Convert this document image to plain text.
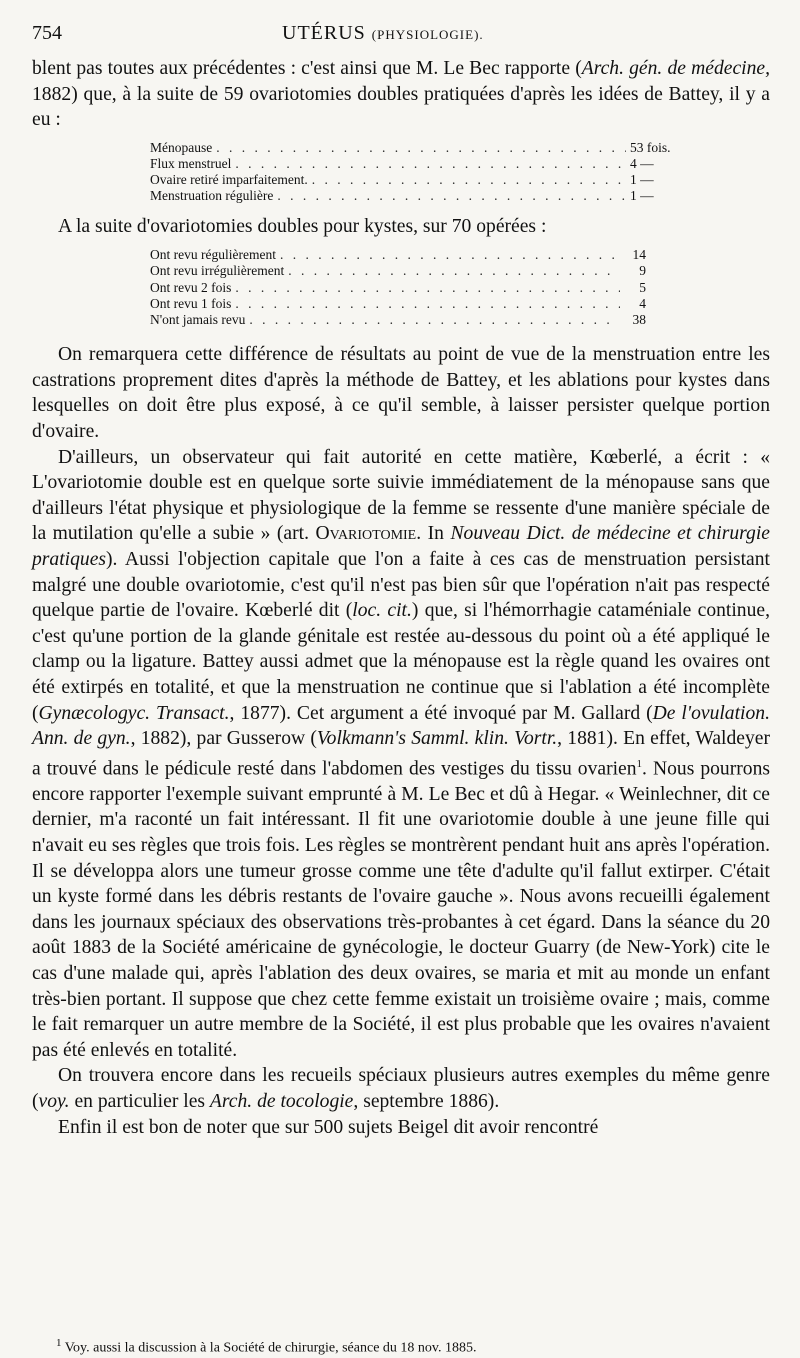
754	UTÉRUS (PHYSIOLOGIE).

blent pas toutes aux précédentes : c'est ainsi que M. Le Bec rapporte (Arch. gén. de médecine, 1882) que, à la suite de 59 ovariotomies doubles pratiquées d'après les idées de Battey, il y a eu :

Ménopause . . .	53 fois.
Flux menstruel . . .	4 —
Ovaire retiré imparfaitement. . . .	1 —
Menstruation régulière . . .	1 —

A la suite d'ovariotomies doubles pour kystes, sur 70 opérées :

Ont revu régulièrement . . .	14
Ont revu irrégulièrement . . .	9
Ont revu 2 fois . . .	5
Ont revu 1 fois . . .	4
N'ont jamais revu . . .	38

On remarquera cette différence de résultats au point de vue de la menstruation entre les castrations proprement dites d'après la méthode de Battey, et les ablations pour kystes dans lesquelles on doit être plus exposé, à ce qu'il semble, à laisser persister quelque portion d'ovaire.

D'ailleurs, un observateur qui fait autorité en cette matière, Kœberlé, a écrit : « L'ovariotomie double est en quelque sorte suivie immédiatement de la ménopause sans que d'ailleurs l'état physique et physiologique de la femme se ressente d'une manière spéciale de la mutilation qu'elle a subie » (art. Ovariotomie. In Nouveau Dict. de médecine et chirurgie pratiques). Aussi l'objection capitale que l'on a faite à ces cas de menstruation persistant malgré une double ovariotomie, c'est qu'il n'est pas bien sûr que l'opération n'ait pas respecté quelque partie de l'ovaire. Kœberlé dit (loc. cit.) que, si l'hémorrhagie cataméniale continue, c'est qu'une portion de la glande génitale est restée au-dessous du point où a été appliqué le clamp ou la ligature. Battey aussi admet que la ménopause est la règle quand les ovaires ont été extirpés en totalité, et que la menstruation ne continue que si l'ablation a été incomplète (Gynæcologyc. Transact., 1877). Cet argument a été invoqué par M. Gallard (De l'ovulation. Ann. de gyn., 1882), par Gusserow (Volkmann's Samml. klin. Vortr., 1881). En effet, Waldeyer a trouvé dans le pédicule resté dans l'abdomen des vestiges du tissu ovarien$^1$. Nous pourrons encore rapporter l'exemple suivant emprunté à M. Le Bec et dû à Hegar. « Weinlechner, dit ce dernier, m'a raconté un fait intéressant. Il fit une ovariotomie double à une jeune fille qui n'avait eu ses règles que trois fois. Les règles se montrèrent pendant huit ans après l'opération. Il se développa alors une tumeur grosse comme une tête d'adulte qu'il fallut extirper. C'était un kyste formé dans les débris restants de l'ovaire gauche ». Nous avons recueilli également dans les journaux spéciaux des observations très-probantes à cet égard. Dans la séance du 20 août 1883 de la Société américaine de gynécologie, le docteur Guarry (de New-York) cite le cas d'une malade qui, après l'ablation des deux ovaires, se maria et mit au monde un enfant très-bien portant. Il suppose que chez cette femme existait un troisième ovaire ; mais, comme le fait remarquer un autre membre de la Société, il est plus probable que les ovaires n'avaient pas été enlevés en totalité.

On trouvera encore dans les recueils spéciaux plusieurs autres exemples du même genre (voy. en particulier les Arch. de tocologie, septembre 1886).

Enfin il est bon de noter que sur 500 sujets Beigel dit avoir rencontré

$^1$ Voy. aussi la discussion à la Société de chirurgie, séance du 18 nov. 1885.
